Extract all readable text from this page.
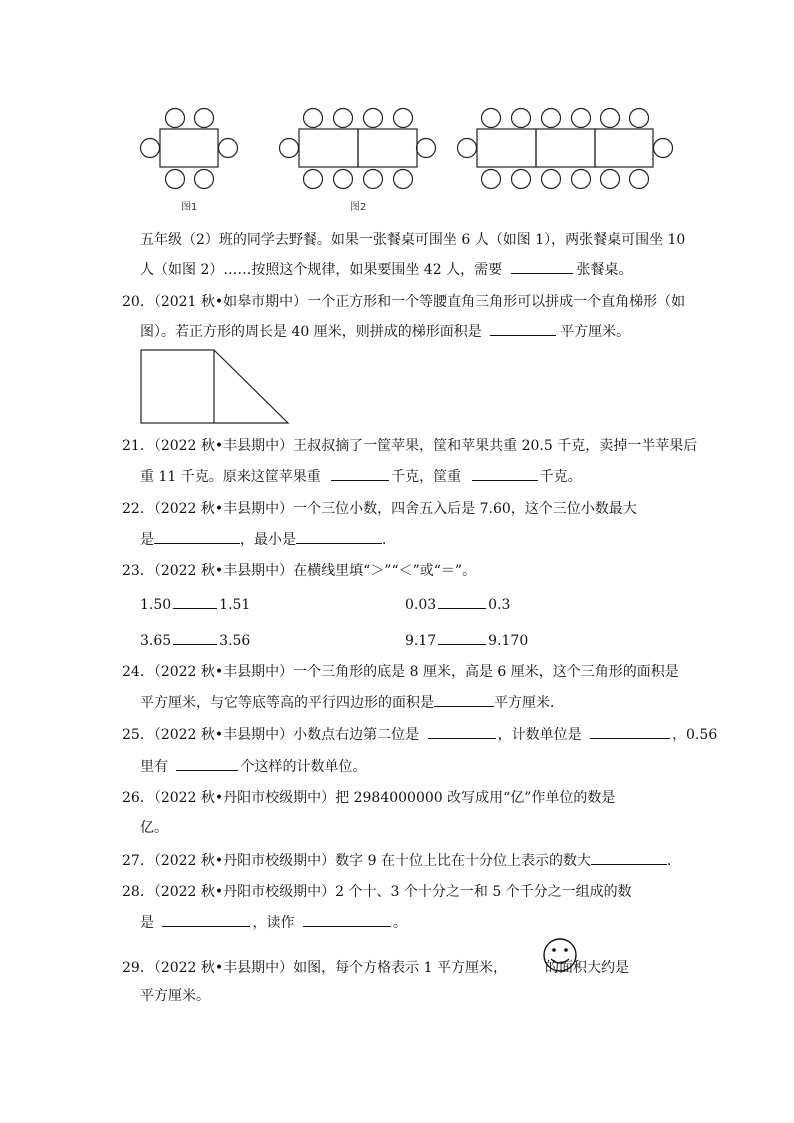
图1	图2
五年级（2）班的同学去野餐。如果一张餐桌可围坐 6 人（如图 1），两张餐桌可围坐 10
人（如图 2）……按照这个规律，如果要围坐 42 人，需要	张餐桌。
20．（2021 秋•如皋市期中）一个正方形和一个等腰直角三角形可以拼成一个直角梯形（如
图）。若正方形的周长是 40 厘米，则拼成的梯形面积是	平方厘米。
21．（2022 秋•丰县期中）王叔叔摘了一筐苹果，筐和苹果共重 20.5 千克，卖掉一半苹果后
重 11 千克。原来这筐苹果重	千克，筐重	千克。
22．（2022 秋•丰县期中）一个三位小数，四舍五入后是 7.60，这个三位小数最大
是	，最小是	．
23．（2022 秋•丰县期中）在横线里填“＞”“＜”或“＝”。
1.50	1.51	0.03	0.3
3.65	3.56	9.17	9.170
24．（2022 秋•丰县期中）一个三角形的底是 8 厘米，高是 6 厘米，这个三角形的面积是
平方厘米，与它等底等高的平行四边形的面积是	平方厘米．
25．（2022 秋•丰县期中）小数点右边第二位是	，计数单位是	，0.56
里有	个这样的计数单位。
26．（2022 秋•丹阳市校级期中）把 2984000000 改写成用“亿”作单位的数是
亿。
27．（2022 秋•丹阳市校级期中）数字 9 在十位上比在十分位上表示的数大	．
28．（2022 秋•丹阳市校级期中）2 个十、3 个十分之一和 5 个千分之一组成的数
是	，读作	。
29．（2022 秋•丰县期中）如图，每个方格表示 1 平方厘米，	的面积大约是
平方厘米。
